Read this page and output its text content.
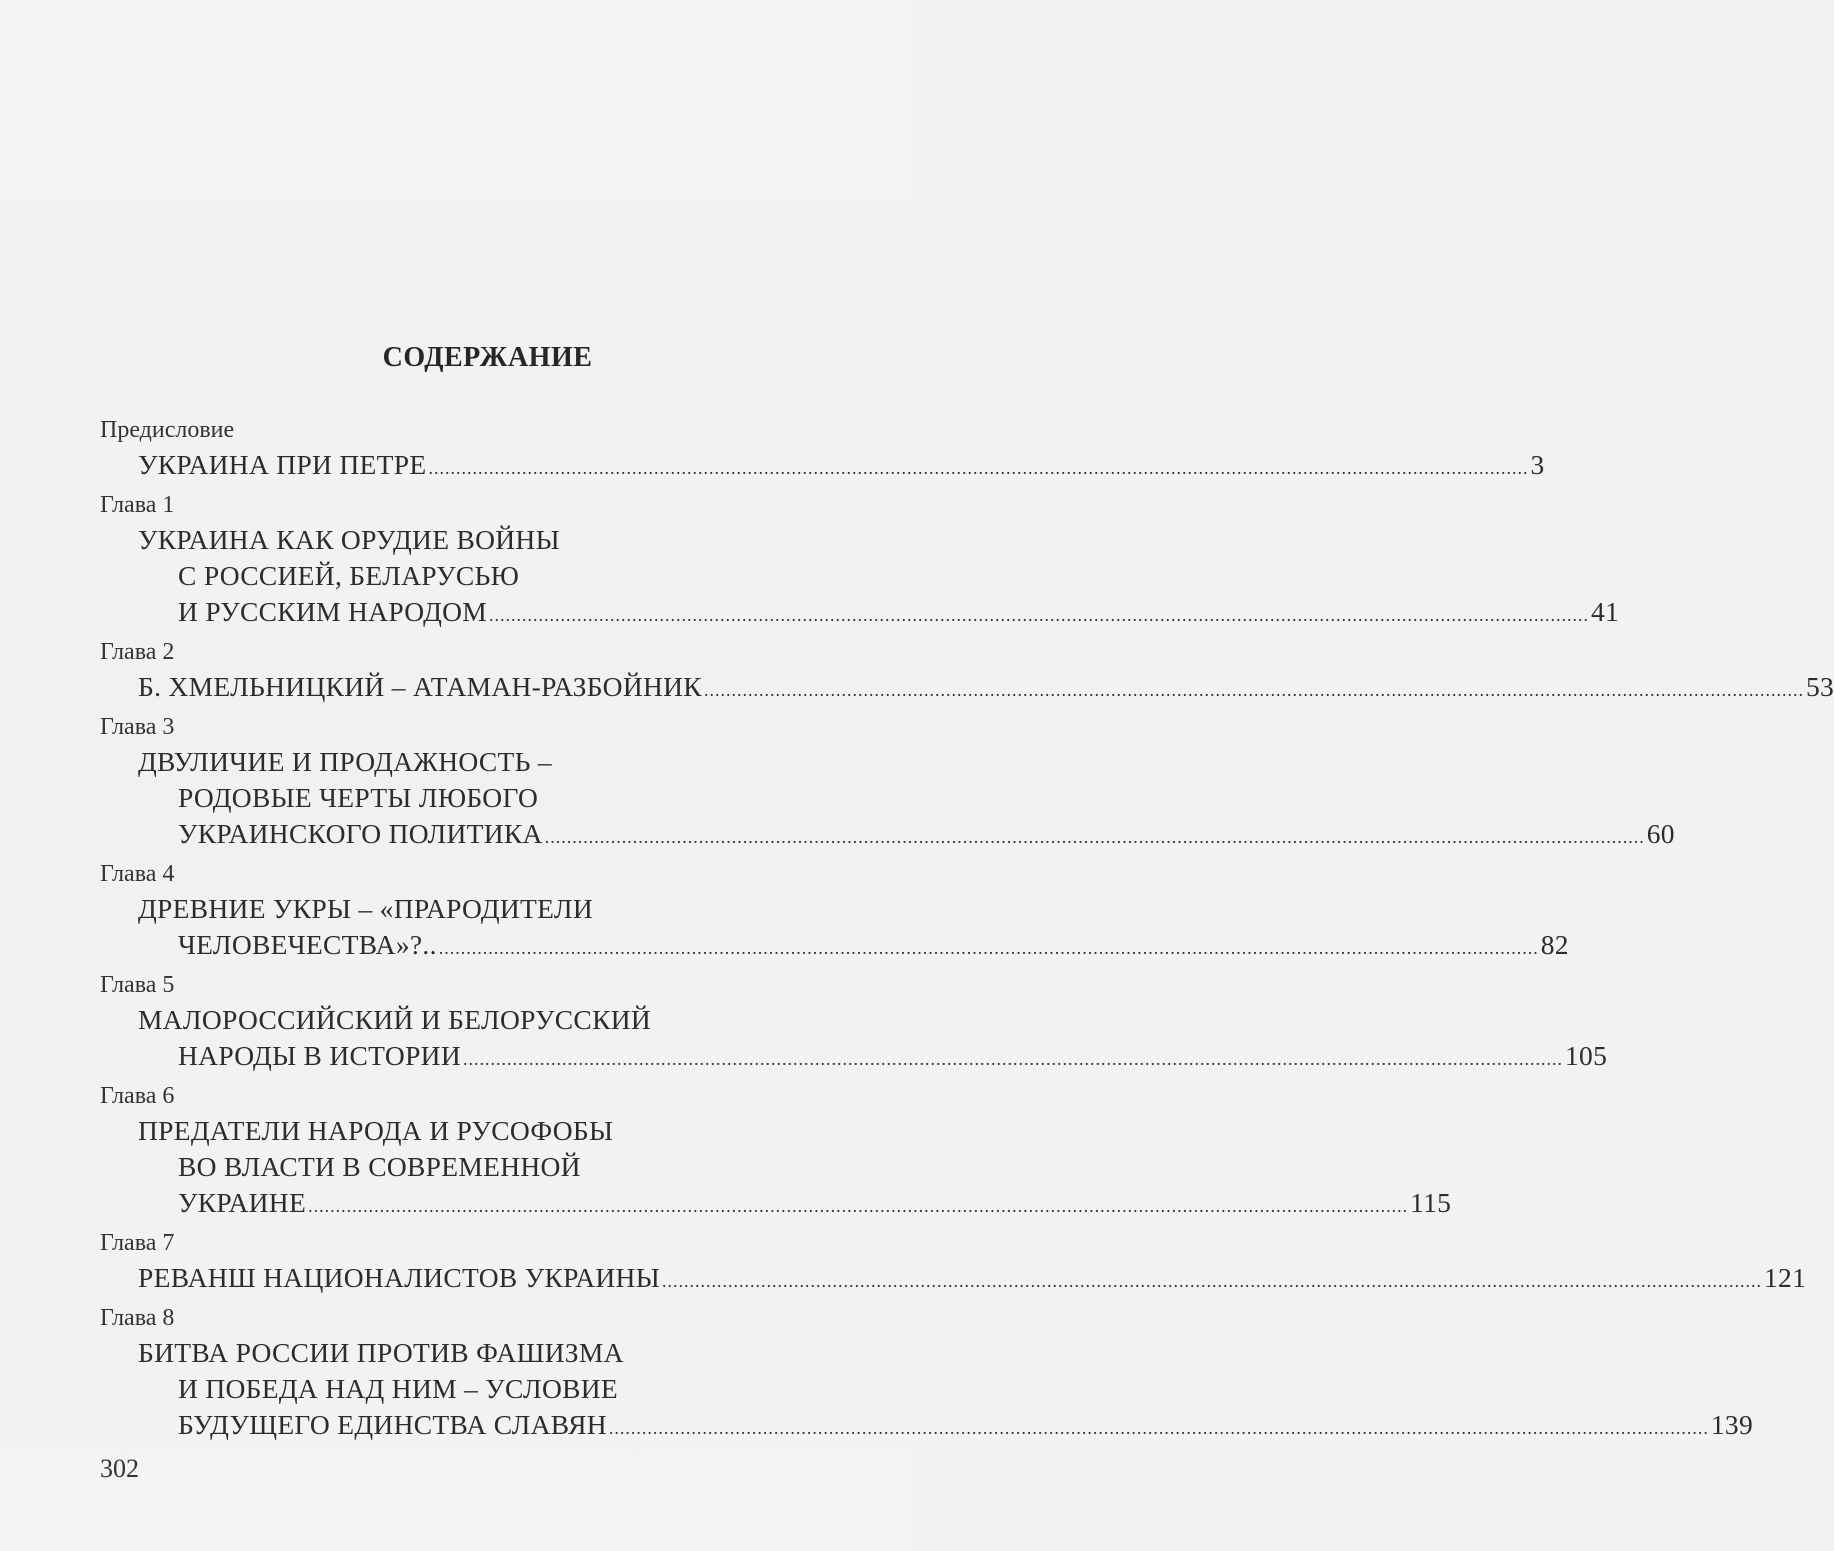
СОДЕРЖАНИЕ
Предисловие
УКРАИНА ПРИ ПЕТРЕ ........................................................................................................................................................................................................ 3
Глава 1
УКРАИНА КАК ОРУДИЕ ВОЙНЫ
С РОССИЕЙ, БЕЛАРУСЬЮ
И РУССКИМ НАРОДОМ ........................................................................................................................................................................................................ 41
Глава 2
Б. ХМЕЛЬНИЦКИЙ – АТАМАН-РАЗБОЙНИК ........................................................................................................................................................................................................ 53
Глава 3
ДВУЛИЧИЕ И ПРОДАЖНОСТЬ –
РОДОВЫЕ ЧЕРТЫ ЛЮБОГО
УКРАИНСКОГО ПОЛИТИКА ........................................................................................................................................................................................................ 60
Глава 4
ДРЕВНИЕ УКРЫ – «ПРАРОДИТЕЛИ
ЧЕЛОВЕЧЕСТВА»?.. ........................................................................................................................................................................................................ 82
Глава 5
МАЛОРОССИЙСКИЙ И БЕЛОРУССКИЙ
НАРОДЫ В ИСТОРИИ ........................................................................................................................................................................................................ 105
Глава 6
ПРЕДАТЕЛИ НАРОДА И РУСОФОБЫ
ВО ВЛАСТИ В СОВРЕМЕННОЙ
УКРАИНЕ ........................................................................................................................................................................................................ 115
Глава 7
РЕВАНШ НАЦИОНАЛИСТОВ УКРАИНЫ ........................................................................................................................................................................................................ 121
Глава 8
БИТВА РОССИИ ПРОТИВ ФАШИЗМА
И ПОБЕДА НАД НИМ – УСЛОВИЕ
БУДУЩЕГО ЕДИНСТВА СЛАВЯН ........................................................................................................................................................................................................ 139
302
